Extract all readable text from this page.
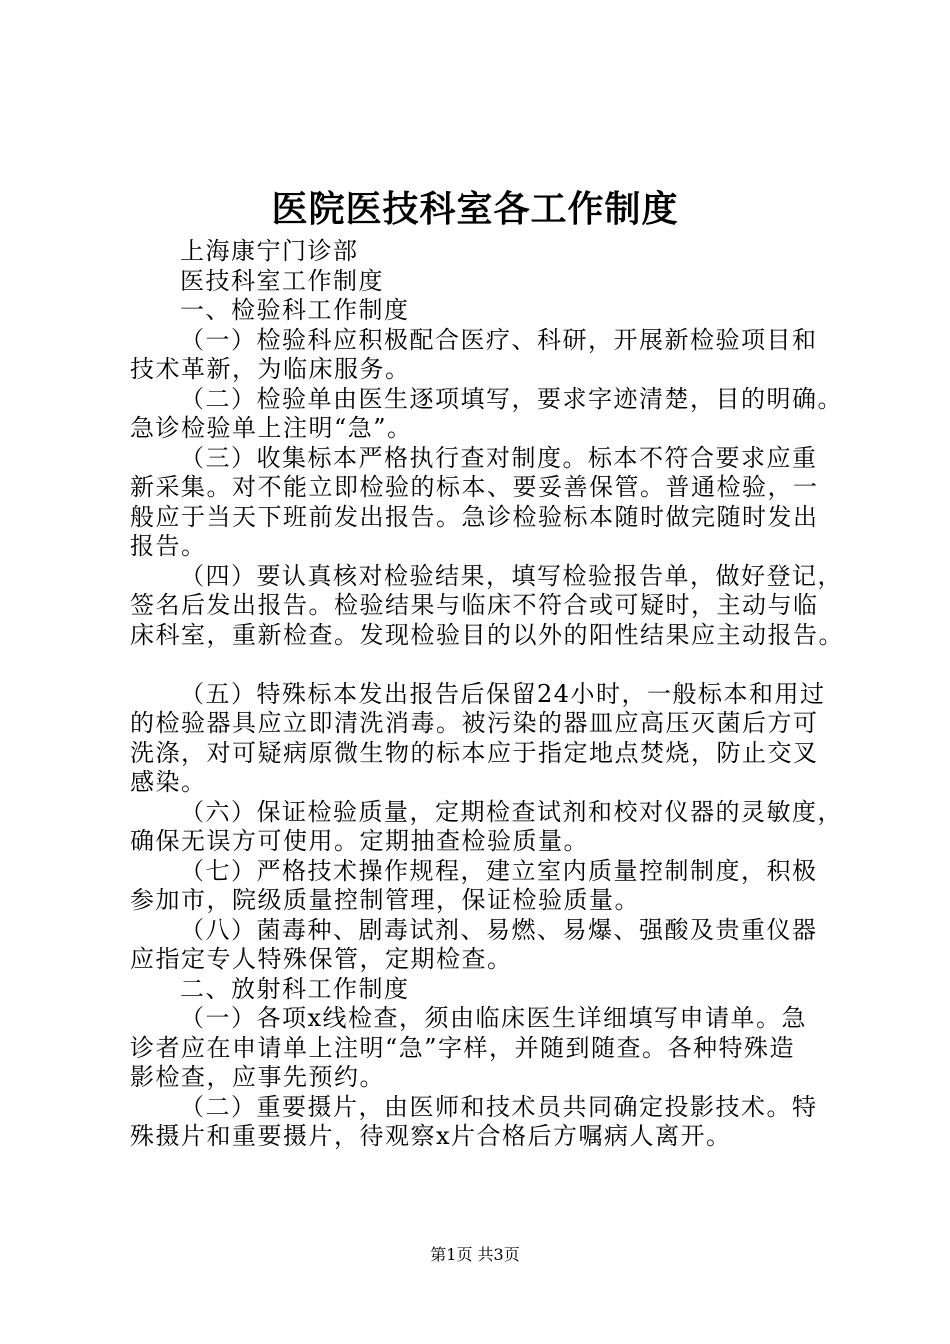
医院医技科室各工作制度
上海康宁门诊部
医技科室工作制度
一、检验科工作制度
（一）检验科应积极配合医疗、科研，开展新检验项目和
技术革新，为临床服务。
（二）检验单由医生逐项填写，要求字迹清楚，目的明确。
急诊检验单上注明“急”。
（三）收集标本严格执行查对制度。标本不符合要求应重
新采集。对不能立即检验的标本、要妥善保管。普通检验，一
般应于当天下班前发出报告。急诊检验标本随时做完随时发出
报告。
（四）要认真核对检验结果，填写检验报告单，做好登记，
签名后发出报告。检验结果与临床不符合或可疑时，主动与临
床科室，重新检查。发现检验目的以外的阳性结果应主动报告。
（五）特殊标本发出报告后保留24小时，一般标本和用过
的检验器具应立即清洗消毒。被污染的器皿应高压灭菌后方可
洗涤，对可疑病原微生物的标本应于指定地点焚烧，防止交叉
感染。
（六）保证检验质量，定期检查试剂和校对仪器的灵敏度，
确保无误方可使用。定期抽查检验质量。
（七）严格技术操作规程，建立室内质量控制制度，积极
参加市，院级质量控制管理，保证检验质量。
（八）菌毒种、剧毒试剂、易燃、易爆、强酸及贵重仪器
应指定专人特殊保管，定期检查。
二、放射科工作制度
（一）各项x线检查，须由临床医生详细填写申请单。急
诊者应在申请单上注明“急”字样，并随到随查。各种特殊造
影检查，应事先预约。
（二）重要摄片，由医师和技术员共同确定投影技术。特
殊摄片和重要摄片，待观察x片合格后方嘱病人离开。
第1页 共3页
